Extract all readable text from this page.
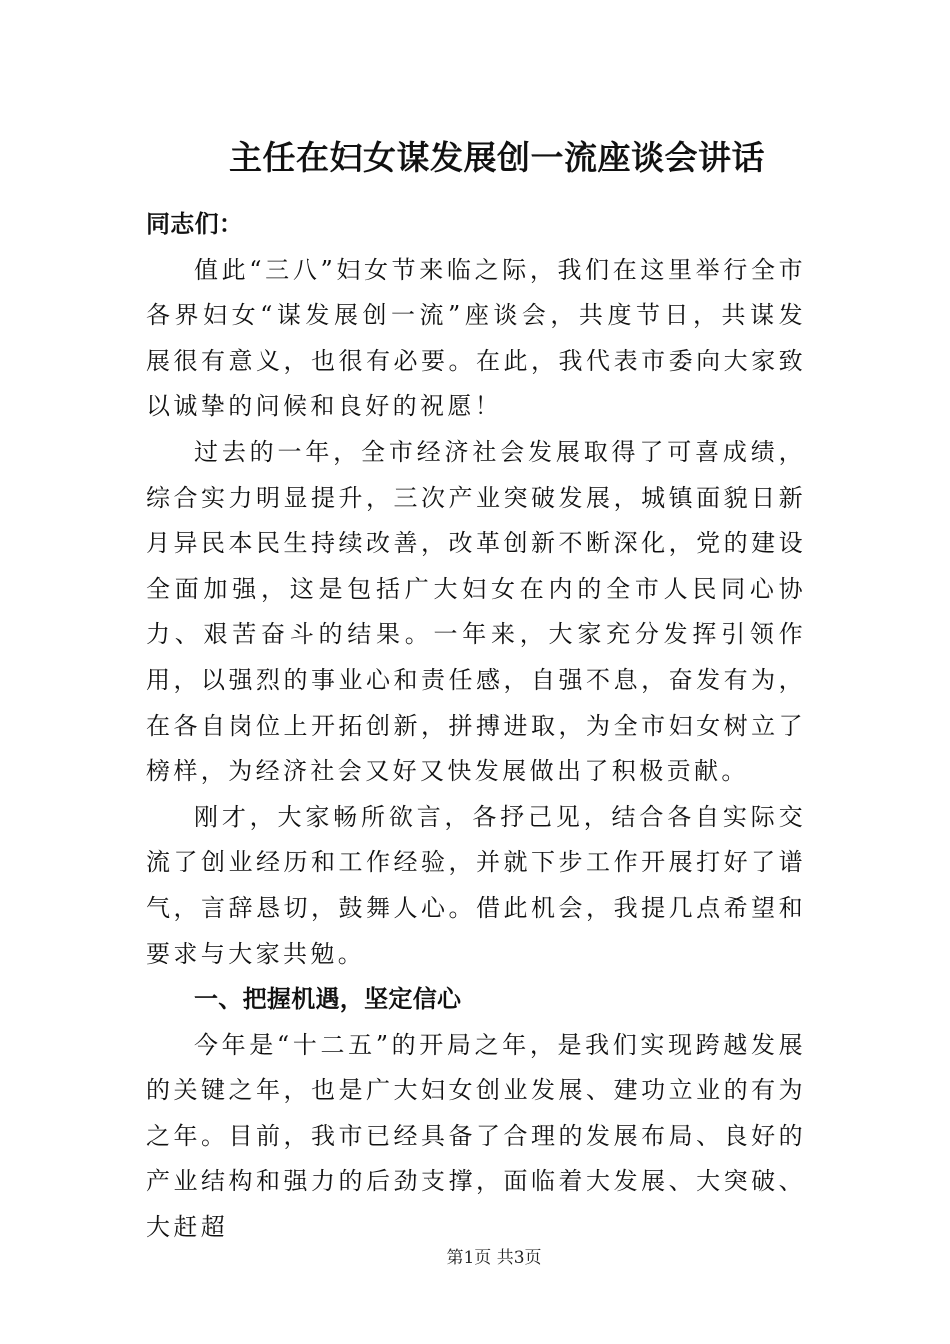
主任在妇女谋发展创一流座谈会讲话

同志们：

值此“三八”妇女节来临之际，我们在这里举行全市各界妇女“谋发展创一流”座谈会，共度节日，共谋发展很有意义，也很有必要。在此，我代表市委向大家致以诚挚的问候和良好的祝愿！

过去的一年，全市经济社会发展取得了可喜成绩，综合实力明显提升，三次产业突破发展，城镇面貌日新月异民本民生持续改善，改革创新不断深化，党的建设全面加强，这是包括广大妇女在内的全市人民同心协力、艰苦奋斗的结果。一年来，大家充分发挥引领作用，以强烈的事业心和责任感，自强不息，奋发有为，在各自岗位上开拓创新，拼搏进取，为全市妇女树立了榜样，为经济社会又好又快发展做出了积极贡献。

刚才，大家畅所欲言，各抒己见，结合各自实际交流了创业经历和工作经验，并就下步工作开展打好了谱气，言辞恳切，鼓舞人心。借此机会，我提几点希望和要求与大家共勉。

一、把握机遇，坚定信心

今年是“十二五”的开局之年，是我们实现跨越发展的关键之年，也是广大妇女创业发展、建功立业的有为之年。目前，我市已经具备了合理的发展布局、良好的产业结构和强力的后劲支撑，面临着大发展、大突破、大赶超

第1页 共3页
